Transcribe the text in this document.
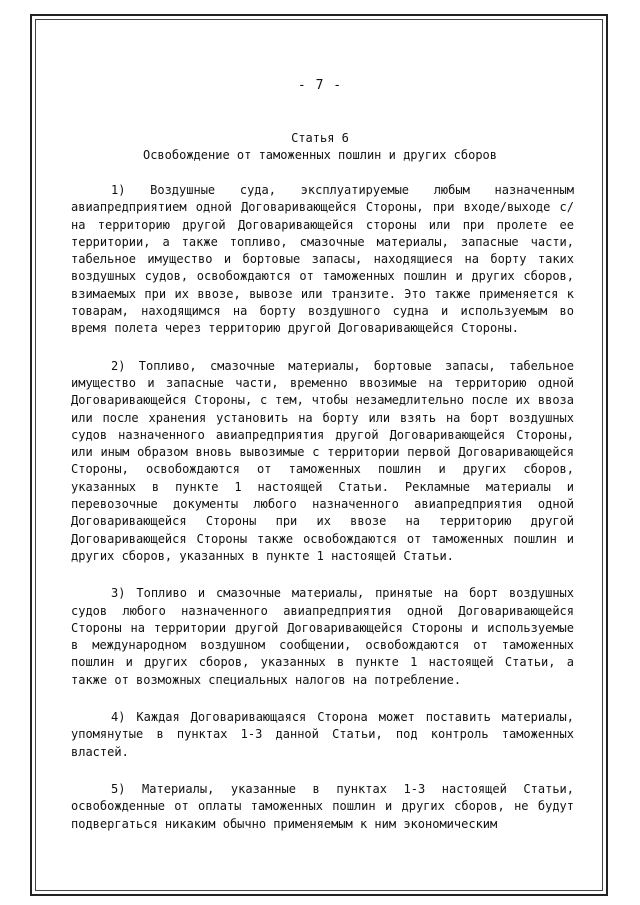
- 7 -
Статья 6
Освобождение от таможенных пошлин и других сборов

1) Воздушные суда, эксплуатируемые любым назначенным авиапредприятием одной Договаривающейся Стороны, при входе/выходе с/на территорию другой Договаривающейся стороны или при пролете ее территории, а также топливо, смазочные материалы, запасные части, табельное имущество и бортовые запасы, находящиеся на борту таких воздушных судов, освобождаются от таможенных пошлин и других сборов, взимаемых при их ввозе, вывозе или транзите. Это также применяется к товарам, находящимся на борту воздушного судна и используемым во время полета через территорию другой Договаривающейся Стороны.

2) Топливо, смазочные материалы, бортовые запасы, табельное имущество и запасные части, временно ввозимые на территорию одной Договаривающейся Стороны, с тем, чтобы незамедлительно после их ввоза или после хранения установить на борту или взять на борт воздушных судов назначенного авиапредприятия другой Договаривающейся Стороны, или иным образом вновь вывозимые с территории первой Договаривающейся Стороны, освобождаются от таможенных пошлин и других сборов, указанных в пункте 1 настоящей Статьи. Рекламные материалы и перевозочные документы любого назначенного авиапредприятия одной Договаривающейся Стороны при их ввозе на территорию другой Договаривающейся Стороны также освобождаются от таможенных пошлин и других сборов, указанных в пункте 1 настоящей Статьи.

3) Топливо и смазочные материалы, принятые на борт воздушных судов любого назначенного авиапредприятия одной Договаривающейся Стороны на территории другой Договаривающейся Стороны и используемые в международном воздушном сообщении, освобождаются от таможенных пошлин и других сборов, указанных в пункте 1 настоящей Статьи, а также от возможных специальных налогов на потребление.

4) Каждая Договаривающаяся Сторона может поставить материалы, упомянутые в пунктах 1-3 данной Статьи, под контроль таможенных властей.

5) Материалы, указанные в пунктах 1-3 настоящей Статьи, освобожденные от оплаты таможенных пошлин и других сборов, не будут подвергаться никаким обычно применяемым к ним экономическим
